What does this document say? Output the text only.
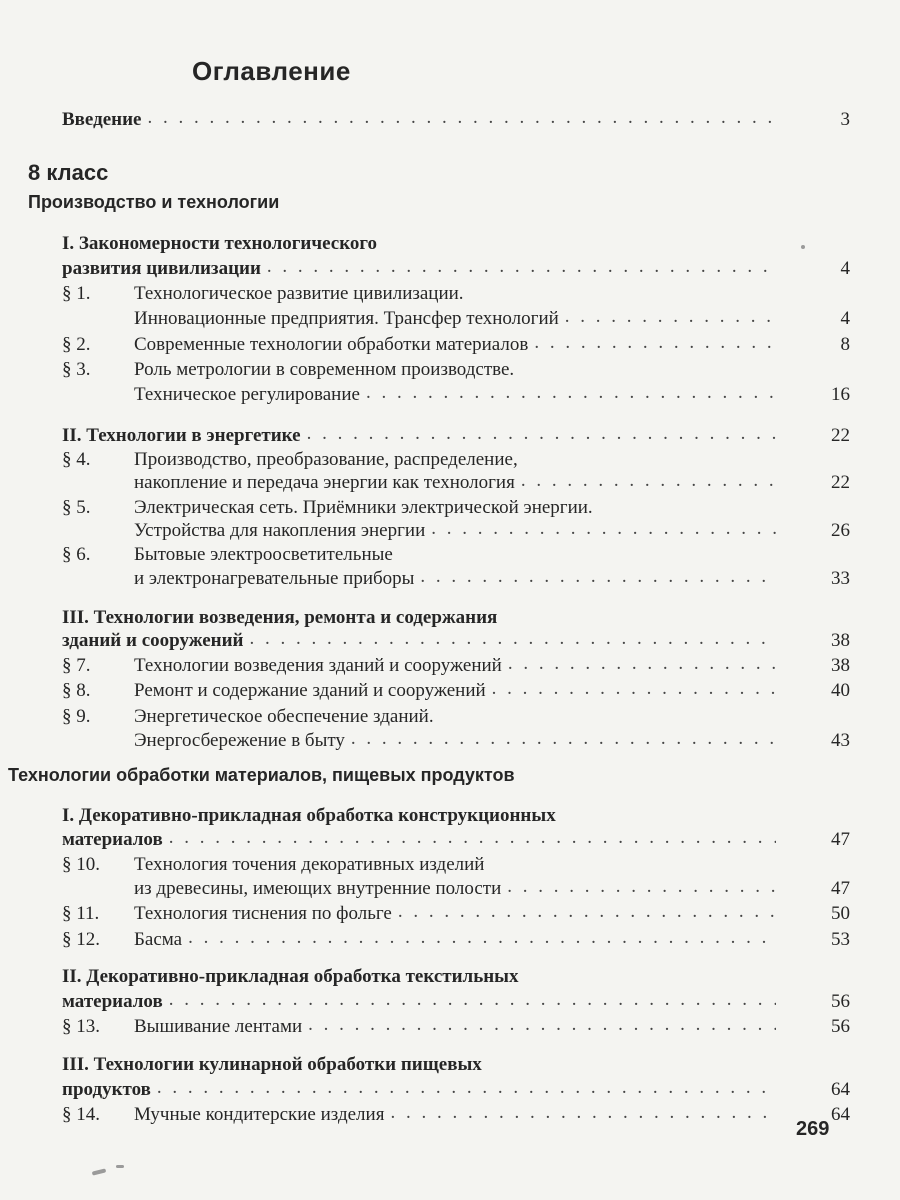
Оглавление
Введение . . .	3
8 класс
Производство и технологии
I. Закономерности технологического
развития цивилизации . . .	4
§ 1.	Технологическое развитие цивилизации.
Инновационные предприятия. Трансфер технологий . . .	4
§ 2.	Современные технологии обработки материалов . . .	8
§ 3.	Роль метрологии в современном производстве.
Техническое регулирование . . .	16
II. Технологии в энергетике . . .	22
§ 4.	Производство, преобразование, распределение,
накопление и передача энергии как технология . . .	22
§ 5.	Электрическая сеть. Приёмники электрической энергии.
Устройства для накопления энергии . . .	26
§ 6.	Бытовые электроосветительные
и электронагревательные приборы . . .	33
III. Технологии возведения, ремонта и содержания
зданий и сооружений . . .	38
§ 7.	Технологии возведения зданий и сооружений . . .	38
§ 8.	Ремонт и содержание зданий и сооружений . . .	40
§ 9.	Энергетическое обеспечение зданий.
Энергосбережение в быту . . .	43
Технологии обработки материалов, пищевых продуктов
I. Декоративно-прикладная обработка конструкционных
материалов . . .	47
§ 10.	Технология точения декоративных изделий
из древесины, имеющих внутренние полости . . .	47
§ 11.	Технология тиснения по фольге . . .	50
§ 12.	Басма . . .	53
II. Декоративно-прикладная обработка текстильных
материалов . . .	56
§ 13.	Вышивание лентами . . .	56
III. Технологии кулинарной обработки пищевых
продуктов . . .	64
§ 14.	Мучные кондитерские изделия . . .	64
269
